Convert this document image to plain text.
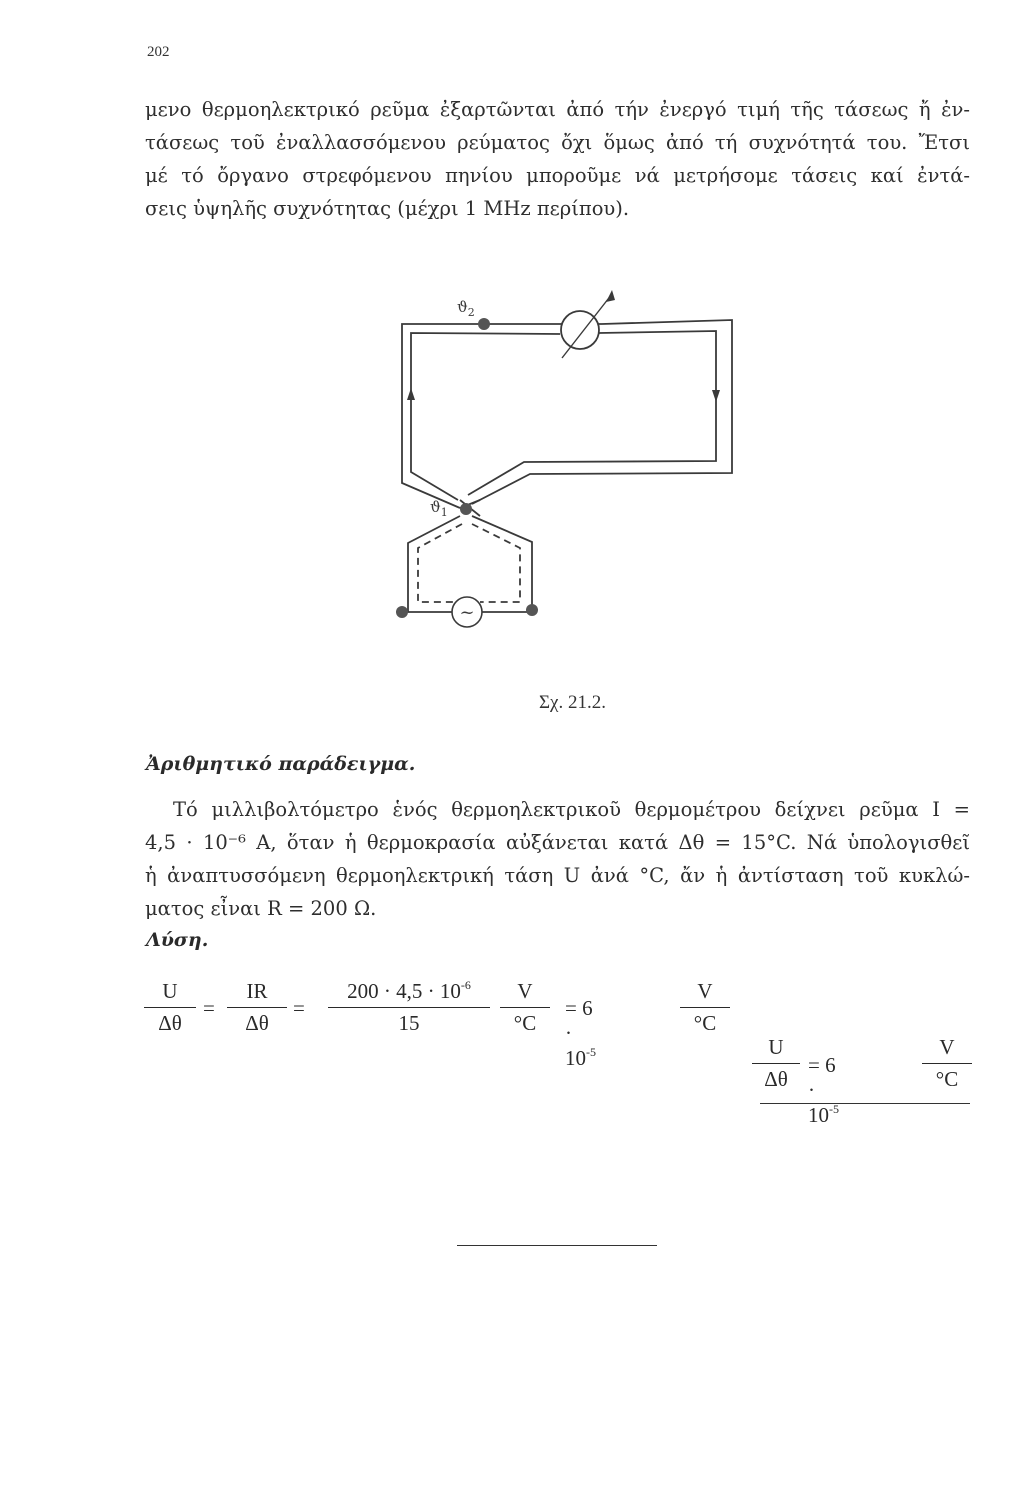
202
μενο θερμοηλεκτρικό ρεῦμα ἐξαρτῶνται ἀπό τήν ἐνεργό τιμή τῆς τάσεως ἤ ἐν-
τάσεως τοῦ ἐναλλασσόμενου ρεύματος ὄχι ὅμως ἀπό τή συχνότητά του. Ἔτσι
μέ τό ὄργανο στρεφόμενου πηνίου μποροῦμε νά μετρήσομε τάσεις καί ἐντά-
σεις ὑψηλῆς συχνότητας (μέχρι 1 MHz περίπου).
~
$ϑ_2$
$ϑ_1$
Σχ. 21.2.
Ἀριθμητικό παράδειγμα.
Τό μιλλιβολτόμετρο ἑνός θερμοηλεκτρικοῦ θερμομέτρου δείχνει ρεῦμα I =
4,5 · 10⁻⁶ A, ὅταν ἡ θερμοκρασία αὐξάνεται κατά Δθ = 15°C. Νά ὑπολογισθεῖ
ἡ ἀναπτυσσόμενη θερμοηλεκτρική τάση U ἀνά °C, ἄν ἡ ἀντίσταση τοῦ κυκλώ-
ματος εἶναι R = 200 Ω.
Λύση.
U
Δθ
=
IR
Δθ
=
$200 \cdot 4,5 \cdot 10^{-6}$
15
V
°C
= $6 \cdot 10^{-5}$
V
°C
U
Δθ
= $6 \cdot 10^{-5}$
V
°C
